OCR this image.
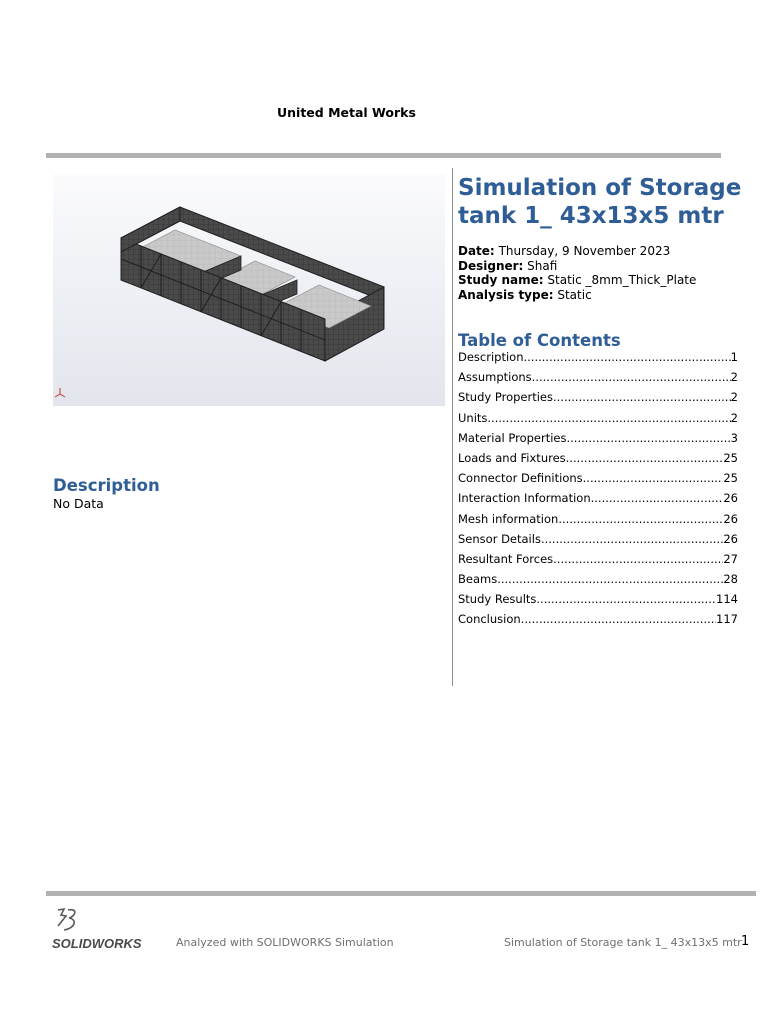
United Metal Works
Description
No Data
Simulation of Storage tank 1_ 43x13x5 mtr
Date: Thursday, 9 November 2023
Designer: Shafi
Study name: Static _8mm_Thick_Plate
Analysis type: Static
Table of Contents
Description .....	1
Assumptions .....	2
Study Properties .....	2
Units .....	2
Material Properties .....	3
Loads and Fixtures .....	25
Connector Definitions .....	25
Interaction Information .....	26
Mesh information .....	26
Sensor Details .....	26
Resultant Forces .....	27
Beams .....	28
Study Results .....	114
Conclusion .....	117
SOLIDWORKS	Analyzed with SOLIDWORKS Simulation	Simulation of Storage tank 1_ 43x13x5 mtr 1
